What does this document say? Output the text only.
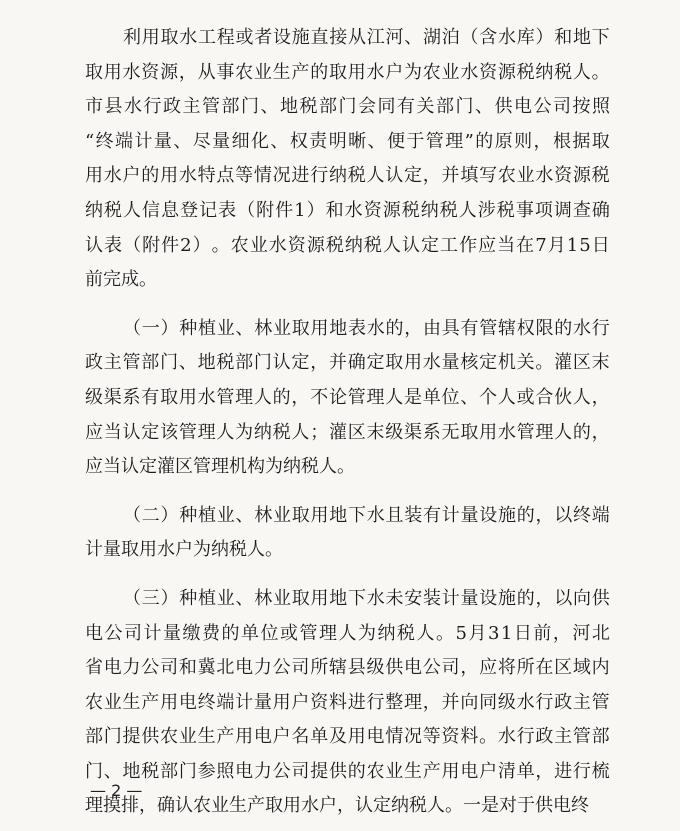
利 用 取 水 工 程 或 者 设 施 直 接 从 江 河 、 湖 泊 （ 含 水 库 ） 和 地 下
取 用 水 资 源 ， 从 事 农 业 生 产 的 取 用 水 户 为 农 业 水 资 源 税 纳 税 人 。
市 县 水 行 政 主 管 部 门 、 地 税 部 门 会 同 有 关 部 门 、 供 电 公 司 按 照
“ 终 端 计 量 、 尽 量 细 化 、 权 责 明 晰 、 便 于 管 理 ” 的 原 则 ， 根 据 取
用 水 户 的 用 水 特 点 等 情 况 进 行 纳 税 人 认 定 ， 并 填 写 农 业 水 资 源 税
纳 税 人 信 息 登 记 表 （ 附 件 1 ） 和 水 资 源 税 纳 税 人 涉 税 事 项 调 查 确
认 表 （ 附 件 2 ） 。 农 业 水 资 源 税 纳 税 人 认 定 工 作 应 当 在 7 月 1 5 日
前完成。
（ 一 ） 种 植 业 、 林 业 取 用 地 表 水 的 ， 由 具 有 管 辖 权 限 的 水 行
政 主 管 部 门 、 地 税 部 门 认 定 ， 并 确 定 取 用 水 量 核 定 机 关 。 灌 区 末
级 渠 系 有 取 用 水 管 理 人 的 ， 不 论 管 理 人 是 单 位 、 个 人 或 合 伙 人 ，
应 当 认 定 该 管 理 人 为 纳 税 人 ； 灌 区 末 级 渠 系 无 取 用 水 管 理 人 的 ，
应当认定灌区管理机构为纳税人。
（ 二 ） 种 植 业 、 林 业 取 用 地 下 水 且 装 有 计 量 设 施 的 ， 以 终 端
计量取用水户为纳税人。
（ 三 ） 种 植 业 、 林 业 取 用 地 下 水 未 安 装 计 量 设 施 的 ， 以 向 供
电 公 司 计 量 缴 费 的 单 位 或 管 理 人 为 纳 税 人 。 5 月 3 1 日 前 ， 河 北
省 电 力 公 司 和 冀 北 电 力 公 司 所 辖 县 级 供 电 公 司 ， 应 将 所 在 区 域 内
农 业 生 产 用 电 终 端 计 量 用 户 资 料 进 行 整 理 ， 并 向 同 级 水 行 政 主 管
部 门 提 供 农 业 生 产 用 电 户 名 单 及 用 电 情 况 等 资 料 。 水 行 政 主 管 部
门 、 地 税 部 门 参 照 电 力 公 司 提 供 的 农 业 生 产 用 电 户 清 单 ， 进 行 梳
理摸排，确认农业生产取用水户，认定纳税人。一是对于供电终
— 2 —
